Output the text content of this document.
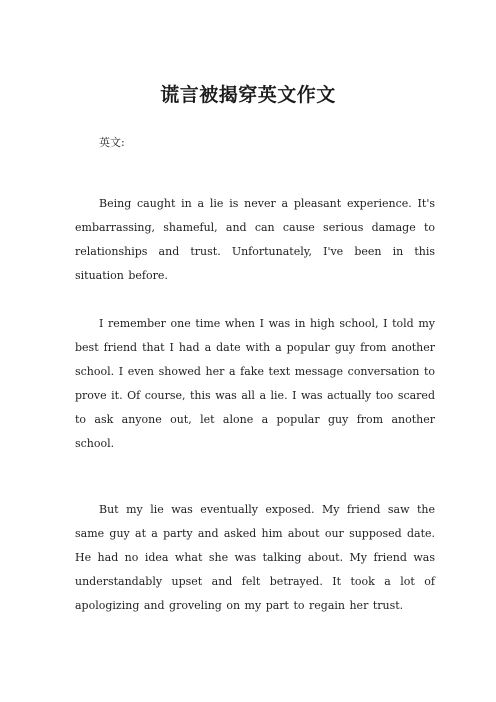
谎言被揭穿英文作文
英文:

Being caught in a lie is never a pleasant experience. It's embarrassing, shameful, and can cause serious damage to relationships and trust. Unfortunately, I've been in this situation before.

I remember one time when I was in high school, I told my best friend that I had a date with a popular guy from another school. I even showed her a fake text message conversation to prove it. Of course, this was all a lie. I was actually too scared to ask anyone out, let alone a popular guy from another school.

But my lie was eventually exposed. My friend saw the same guy at a party and asked him about our supposed date. He had no idea what she was talking about. My friend was understandably upset and felt betrayed. It took a lot of apologizing and groveling on my part to regain her trust.
